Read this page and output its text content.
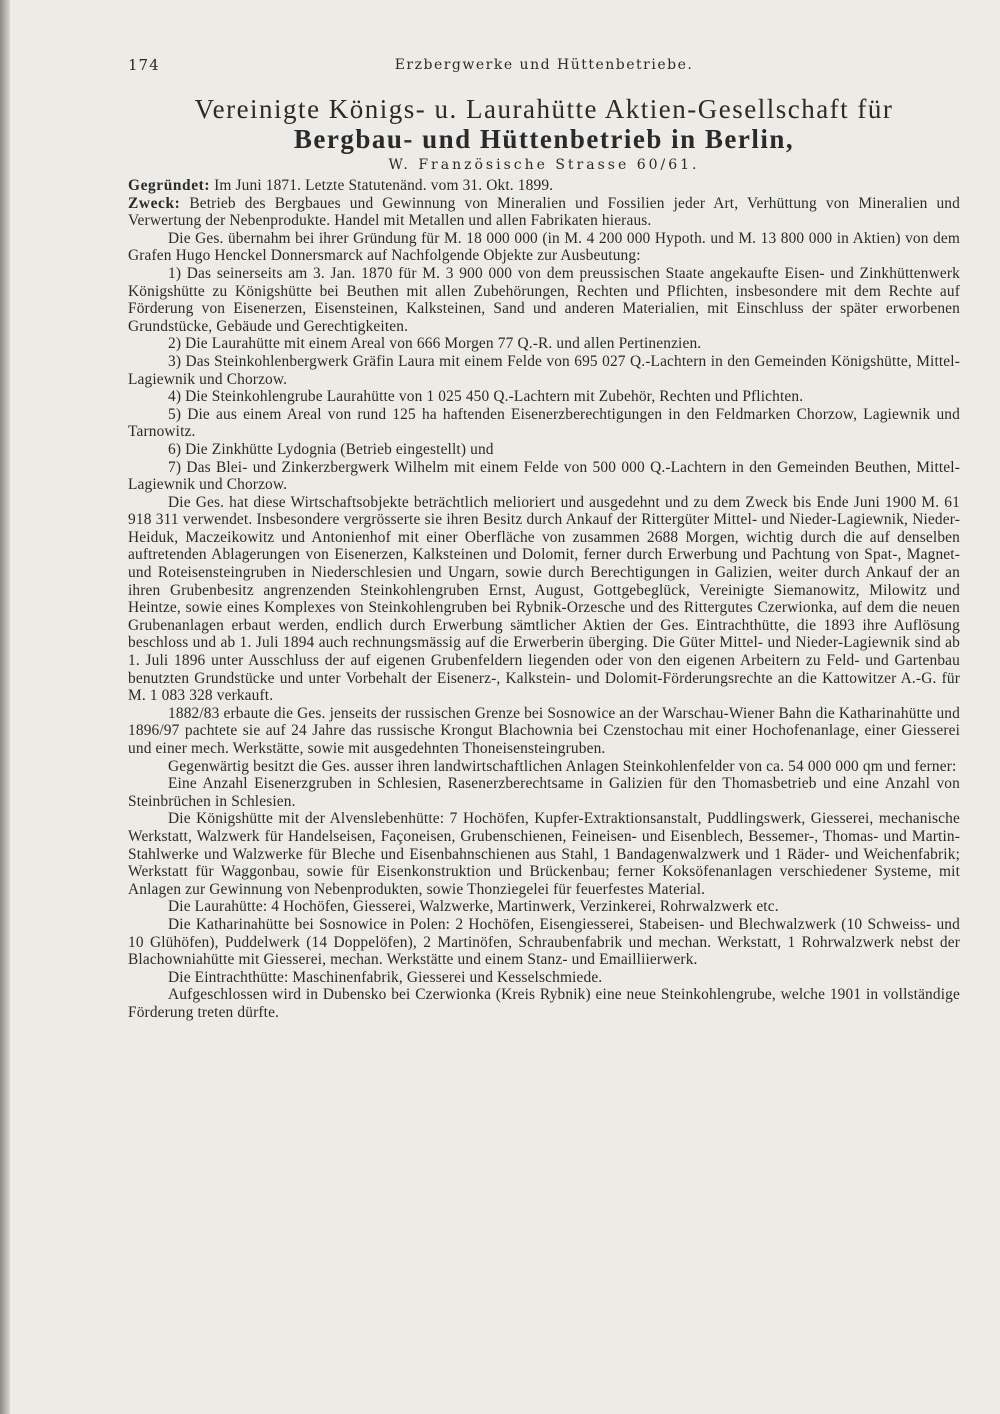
174	Erzbergwerke und Hüttenbetriebe.
Vereinigte Königs- u. Laurahütte Aktien-Gesellschaft für
Bergbau- und Hüttenbetrieb in Berlin,
W. Französische Strasse 60/61.

Gegründet: Im Juni 1871. Letzte Statutenänd. vom 31. Okt. 1899.

Zweck: Betrieb des Bergbaues und Gewinnung von Mineralien und Fossilien jeder Art, Verhüttung von Mineralien und Verwertung der Nebenprodukte. Handel mit Metallen und allen Fabrikaten hieraus.

Die Ges. übernahm bei ihrer Gründung für M. 18 000 000 (in M. 4 200 000 Hypoth. und M. 13 800 000 in Aktien) von dem Grafen Hugo Henckel Donnersmarck auf Nachfolgende Objekte zur Ausbeutung:

1) Das seinerseits am 3. Jan. 1870 für M. 3 900 000 von dem preussischen Staate angekaufte Eisen- und Zinkhüttenwerk Königshütte zu Königshütte bei Beuthen mit allen Zubehörungen, Rechten und Pflichten, insbesondere mit dem Rechte auf Förderung von Eisenerzen, Eisensteinen, Kalksteinen, Sand und anderen Materialien, mit Einschluss der später erworbenen Grundstücke, Gebäude und Gerechtigkeiten.

2) Die Laurahütte mit einem Areal von 666 Morgen 77 Q.-R. und allen Pertinenzien.

3) Das Steinkohlenbergwerk Gräfin Laura mit einem Felde von 695 027 Q.-Lachtern in den Gemeinden Königshütte, Mittel-Lagiewnik und Chorzow.

4) Die Steinkohlengrube Laurahütte von 1 025 450 Q.-Lachtern mit Zubehör, Rechten und Pflichten.

5) Die aus einem Areal von rund 125 ha haftenden Eisenerzberechtigungen in den Feldmarken Chorzow, Lagiewnik und Tarnowitz.

6) Die Zinkhütte Lydognia (Betrieb eingestellt) und

7) Das Blei- und Zinkerzbergwerk Wilhelm mit einem Felde von 500 000 Q.-Lachtern in den Gemeinden Beuthen, Mittel-Lagiewnik und Chorzow.

Die Ges. hat diese Wirtschaftsobjekte beträchtlich melioriert und ausgedehnt und zu dem Zweck bis Ende Juni 1900 M. 61 918 311 verwendet. Insbesondere vergrösserte sie ihren Besitz durch Ankauf der Rittergüter Mittel- und Nieder-Lagiewnik, Nieder-Heiduk, Maczeikowitz und Antonienhof mit einer Oberfläche von zusammen 2688 Morgen, wichtig durch die auf denselben auftretenden Ablagerungen von Eisenerzen, Kalksteinen und Dolomit, ferner durch Erwerbung und Pachtung von Spat-, Magnet- und Roteisensteingruben in Niederschlesien und Ungarn, sowie durch Berechtigungen in Galizien, weiter durch Ankauf der an ihren Grubenbesitz angrenzenden Steinkohlengruben Ernst, August, Gottgebeglück, Vereinigte Siemanowitz, Milowitz und Heintze, sowie eines Komplexes von Steinkohlengruben bei Rybnik-Orzesche und des Rittergutes Czerwionka, auf dem die neuen Grubenanlagen erbaut werden, endlich durch Erwerbung sämtlicher Aktien der Ges. Eintrachthütte, die 1893 ihre Auflösung beschloss und ab 1. Juli 1894 auch rechnungsmässig auf die Erwerberin überging. Die Güter Mittel- und Nieder-Lagiewnik sind ab 1. Juli 1896 unter Ausschluss der auf eigenen Grubenfeldern liegenden oder von den eigenen Arbeitern zu Feld- und Gartenbau benutzten Grundstücke und unter Vorbehalt der Eisenerz-, Kalkstein- und Dolomit-Förderungsrechte an die Kattowitzer A.-G. für M. 1 083 328 verkauft.

1882/83 erbaute die Ges. jenseits der russischen Grenze bei Sosnowice an der Warschau-Wiener Bahn die Katharinahütte und 1896/97 pachtete sie auf 24 Jahre das russische Krongut Blachownia bei Czenstochau mit einer Hochofenanlage, einer Giesserei und einer mech. Werkstätte, sowie mit ausgedehnten Thoneisensteingruben.

Gegenwärtig besitzt die Ges. ausser ihren landwirtschaftlichen Anlagen Steinkohlenfelder von ca. 54 000 000 qm und ferner:

Eine Anzahl Eisenerzgruben in Schlesien, Rasenerzberechtsame in Galizien für den Thomasbetrieb und eine Anzahl von Steinbrüchen in Schlesien.

Die Königshütte mit der Alvenslebenhütte: 7 Hochöfen, Kupfer-Extraktionsanstalt, Puddlingswerk, Giesserei, mechanische Werkstatt, Walzwerk für Handelseisen, Façoneisen, Grubenschienen, Feineisen- und Eisenblech, Bessemer-, Thomas- und Martin-Stahlwerke und Walzwerke für Bleche und Eisenbahnschienen aus Stahl, 1 Bandagenwalzwerk und 1 Räder- und Weichenfabrik; Werkstatt für Waggonbau, sowie für Eisenkonstruktion und Brückenbau; ferner Koksöfenanlagen verschiedener Systeme, mit Anlagen zur Gewinnung von Nebenprodukten, sowie Thonziegelei für feuerfestes Material.

Die Laurahütte: 4 Hochöfen, Giesserei, Walzwerke, Martinwerk, Verzinkerei, Rohrwalzwerk etc.

Die Katharinahütte bei Sosnowice in Polen: 2 Hochöfen, Eisengiesserei, Stabeisen- und Blechwalzwerk (10 Schweiss- und 10 Glühöfen), Puddelwerk (14 Doppelöfen), 2 Martinöfen, Schraubenfabrik und mechan. Werkstatt, 1 Rohrwalzwerk nebst der Blachowniahütte mit Giesserei, mechan. Werkstätte und einem Stanz- und Emailliierwerk.

Die Eintrachthütte: Maschinenfabrik, Giesserei und Kesselschmiede.

Aufgeschlossen wird in Dubensko bei Czerwionka (Kreis Rybnik) eine neue Steinkohlengrube, welche 1901 in vollständige Förderung treten dürfte.
